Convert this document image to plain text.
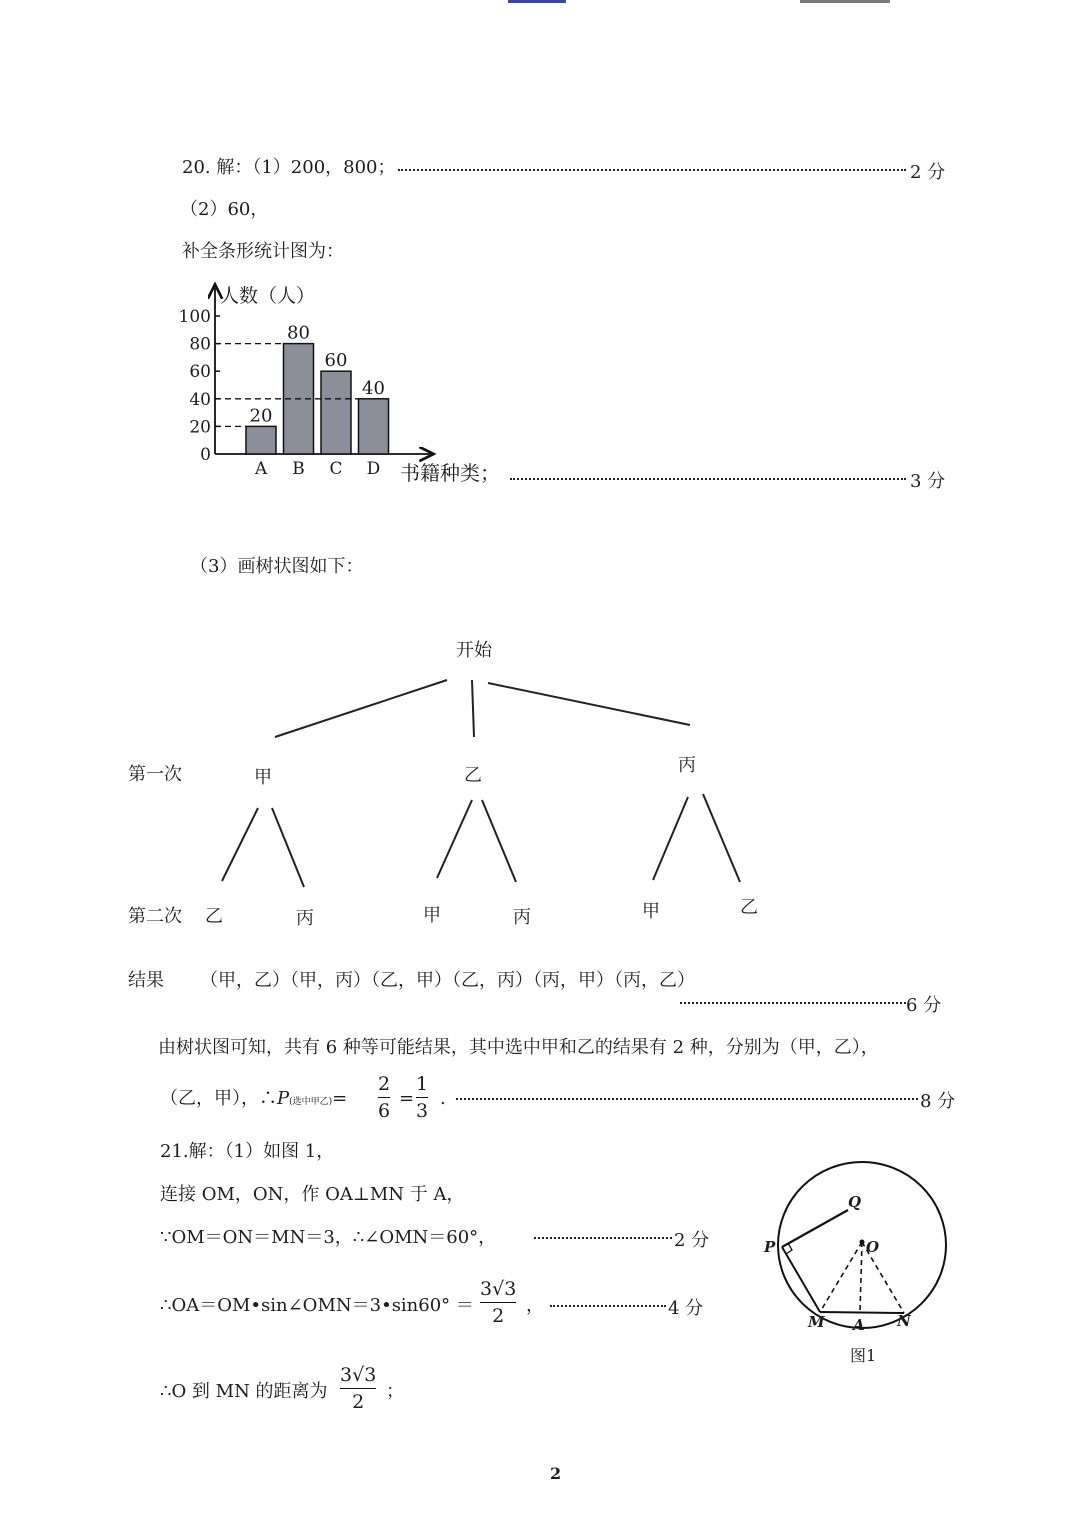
20. 解：（1）200，800；	2 分
（2）60，
补全条形统计图为：
人数（人）
0
20
40
60
80
100
20
A
80
B
60
C
40
D 书籍种类；	3 分
（3）画树状图如下：
开始
第一次	甲	乙	丙
第二次 乙	丙	甲	丙	甲	乙
结果 （甲，乙）（甲，丙）（乙，甲）（乙，丙）（丙，甲）（丙，乙）
6 分
由树状图可知，共有 6 种等可能结果，其中选中甲和乙的结果有 2 种，分别为（甲，乙），
（乙，甲），∴P(选中甲乙)=
2
6
=
1
3
.	8 分
21.解：（1）如图 1，
连接 OM，ON，作 OA⊥MN 于 A，
∵OM＝ON＝MN＝3，∴∠OMN＝60°，	2 分
∴OA＝OM•sin∠OMN＝3•sin60° ＝
3√3
2 ，	4 分
∴O 到 MN 的距离为
3√3
2 ；
Q
P	O
M A N
图1
2
